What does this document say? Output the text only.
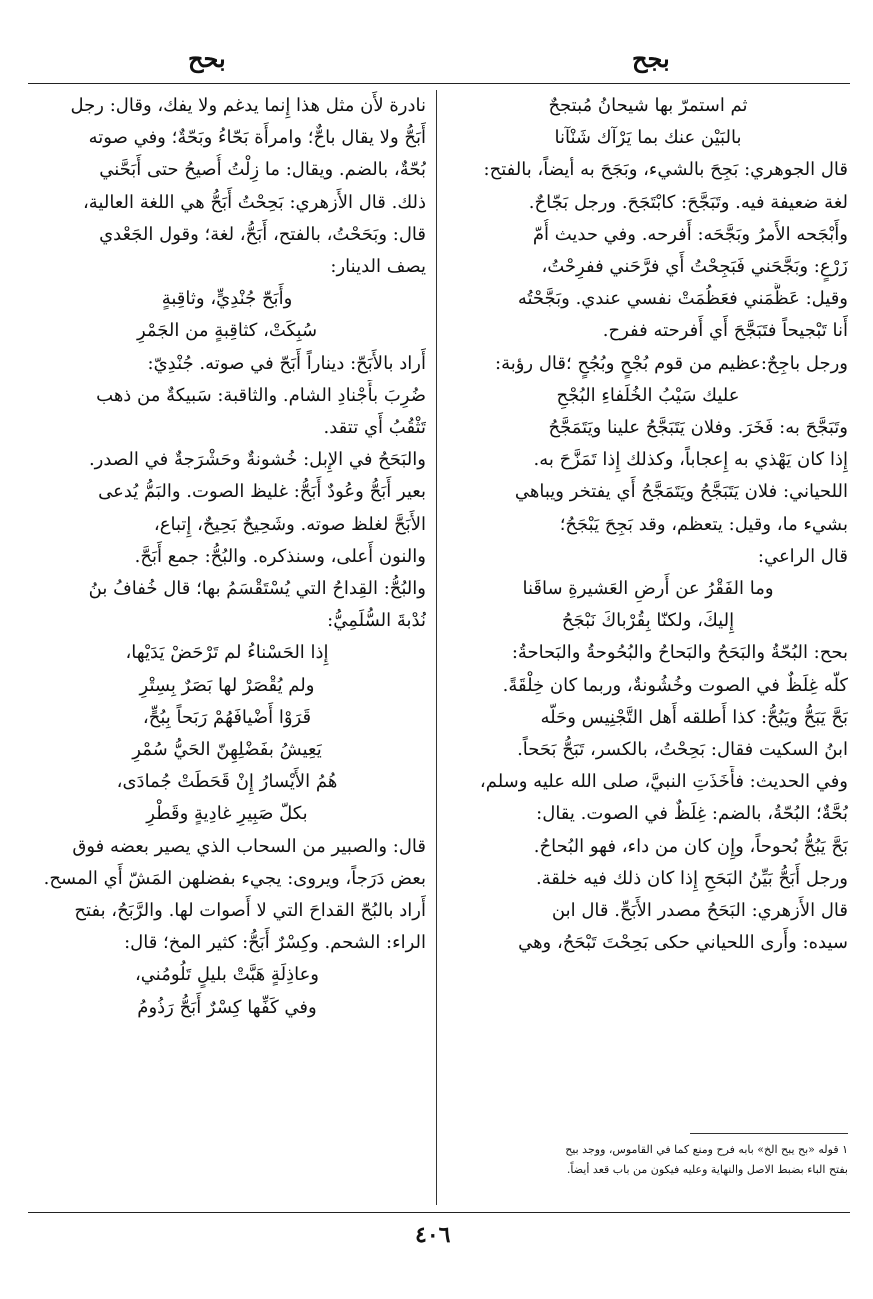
بجح
بحح
ثم استمرّ بها شيحانُ مُبتجحٌ
بالبَيْن عنك بما يَرْآك شَنْآنا
قال الجوهري: بَجِحَ بالشيء، وبَجَحَ به أيضاً، بالفتح:
لغة ضعيفة فيه. وتَبَجَّحَ: كابْتَجَحَ. ورجل بَجّاحٌ.
وأَبْجَحه الأَمرُ وبَجَّحَه: أَفرحه. وفي حديث أُمّ
زَرْعٍ: وبَجَّحَني فَبَجِحْتُ أَي فرَّحَني ففرِحْتُ،
وقيل: عَظَّمَني فعَظُمَتْ نفسي عندي. وبَجَّحْتُه
أَنا تَبْجيحاً فتَبَجَّحَ أَي أَفرحته ففرح.
ورجل باجِحٌ:عظيم من قوم بُجْحٍ وبُجُحٍ ؛قال رؤبة:
عليك سَيْبُ الخُلَفاءِ البُجْحِ
وتَبَجَّحَ به: فَخَرَ. وفلان يَتَبَجَّحُ علينا ويَتَمَجَّحُ
إِذا كان يَهْذي به إِعجاباً، وكذلك إِذا تَمَزَّحَ به.
اللحياني: فلان يَتَبَجَّحُ ويَتَمَجَّحُ أَي يفتخر ويباهي
بشيء ما، وقيل: يتعظم، وقد بَجِحَ يَبْجَحُ؛
قال الراعي:
وما الفَقْرُ عن أَرضِ العَشيرةِ ساقَنا
إِليكَ، ولكنّا بِقُرْباكَ نَبْجَحُ
بحح: البُحّةُ والبَحَحُ والبَحاحُ والبُحُوحةُ والبَحاحةُ:
كلّه غِلَظٌ في الصوت وخُشُونةٌ، وربما كان خِلْقَةً.
بَحَّ يَبَحُّ ويَبُحُّ: كذا أَطلقه أَهل التَّجْنِيس وحَلّه
ابنُ السكيت فقال: بَحِحْتُ، بالكسر، تَبَحُّ بَحَحاً.
وفي الحديث: فأَخَذَتِ النبيَّ، صلى الله عليه وسلم،
بُحَّةٌ؛ البُحّةُ، بالضم: غِلَظٌ في الصوت. يقال:
بَحَّ يَبُحُّ بُحوحاً، وإِن كان من داء، فهو البُحاحُ.
ورجل أَبَحُّ بَيِّنُ البَحَحِ إِذا كان ذلك فيه خلقة.
قال الأَزهري: البَحَحُ مصدر الأَبَحِّ. قال ابن
سيده: وأَرى اللحياني حكى بَحِحْتَ تَبْحَحُ، وهي
نادرة لأَن مثل هذا إِنما يدغم ولا يفك، وقال: رجل
أَبَحُّ ولا يقال باحٌّ؛ وامرأَة بَحّاءُ وبَحّةٌ؛ وفي صوته
بُحّةٌ، بالضم. ويقال: ما زِلْتُ أُصيحُ حتى أَبَحَّني
ذلك. قال الأَزهري: بَحِحْتُ أَبَحُّ هي اللغة العالية،
قال: وبَحَحْتُ، بالفتح، أَبَحُّ، لغة؛ وقول الجَعْدي
يصف الدينار:
وأَبَحّ جُنْدِيٍّ، وثاقِبةٍ
سُبِكَتْ، كثاقِبةٍ من الجَمْرِ
أَراد بالأَبَحّ: ديناراً أَبَحّ في صوته. جُنْدِيّ:
ضُرِبَ بأَجْنادِ الشام. والثاقبة: سَبيكةٌ من ذهب
تَثْقُبُ أَي تتقد.
والبَحَحُ في الإِبل: خُشونةٌ وحَشْرَجةٌ في الصدر.
بعير أَبَحُّ وعُودٌ أَبَحُّ: غليظ الصوت. والبَمُّ يُدعى
الأَبَحَّ لغلظ صوته. وشَحِيحٌ بَحِيحٌ، إِتباع،
والنون أَعلى، وسنذكره. والبُحُّ: جمع أَبَحَّ.
والبُحُّ: القِداحُ التي يُسْتَقْسَمُ بها؛ قال خُفافُ بنُ
نُدْبةَ السُّلَمِيُّ:
إِذا الحَسْناءُ لم تَرْحَضْ يَدَيْها،
ولم يُقْصَرْ لها بَصَرٌ بِسِتْرِ
قَرَوْا أَضْيافَهُمْ رَبَحاً بِبُحٍّ،
يَعِيشُ بفَضْلِهِنّ الحَيُّ سُمْرِ
هُمُ الأَيْسارُ إِنْ قَحَطَتْ جُمادَى،
بكلّ صَبِيرِ غادِيةٍ وقَطْرِ
قال: والصبير من السحاب الذي يصير بعضه فوق
بعض دَرَجاً، ويروى: يجيء بفضلهن المَشّ أَي المسح.
أَراد بالبُحّ القداحَ التي لا أَصوات لها. والرَّبَحُ، بفتح
الراء: الشحم. وكِسْرٌ أَبَحُّ: كثير المخ؛ قال:
وعاذِلَةٍ هَبَّتْ بليلٍ تَلُومُني،
وفي كَفِّها كِسْرٌ أَبَحُّ رَذُومُ
١ قوله «بح يبح الخ» بابه فرح ومنع كما في القاموس، ووجد بيح
بفتح الباء بضبط الاصل والنهاية وعليه فيكون من باب قعد أيضاً.
٤٠٦
